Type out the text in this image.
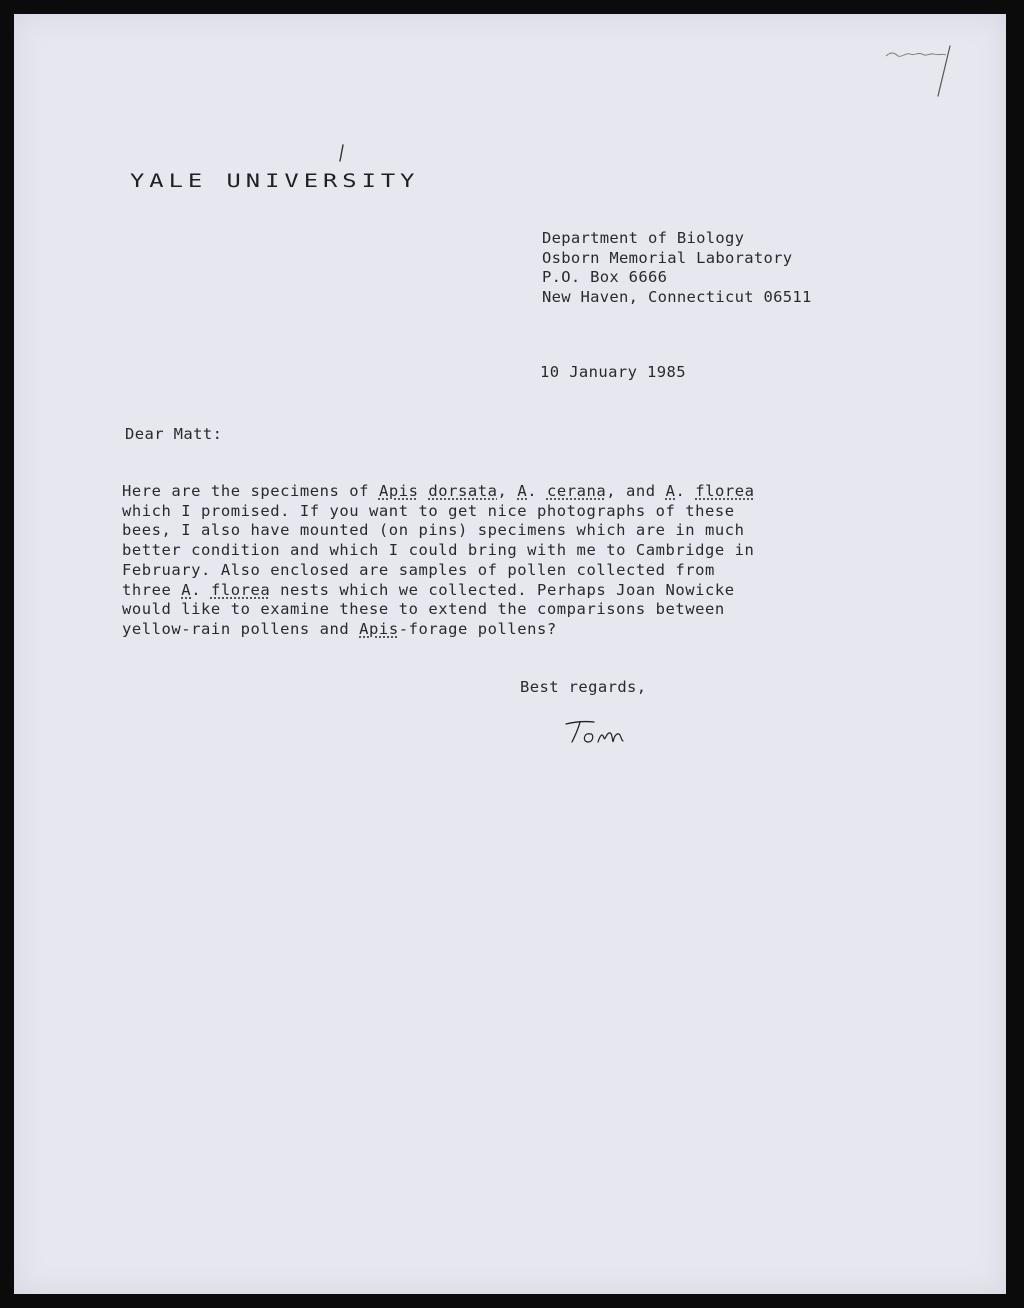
YALE UNIVERSITY
Department of Biology
Osborn Memorial Laboratory
P.O. Box 6666
New Haven, Connecticut 06511
10 January 1985
Dear Matt:
Here are the specimens of Apis dorsata, A. cerana, and A. florea
which I promised. If you want to get nice photographs of these
bees, I also have mounted (on pins) specimens which are in much
better condition and which I could bring with me to Cambridge in
February. Also enclosed are samples of pollen collected from
three A. florea nests which we collected. Perhaps Joan Nowicke
would like to examine these to extend the comparisons between
yellow-rain pollens and Apis-forage pollens?
Best regards,
